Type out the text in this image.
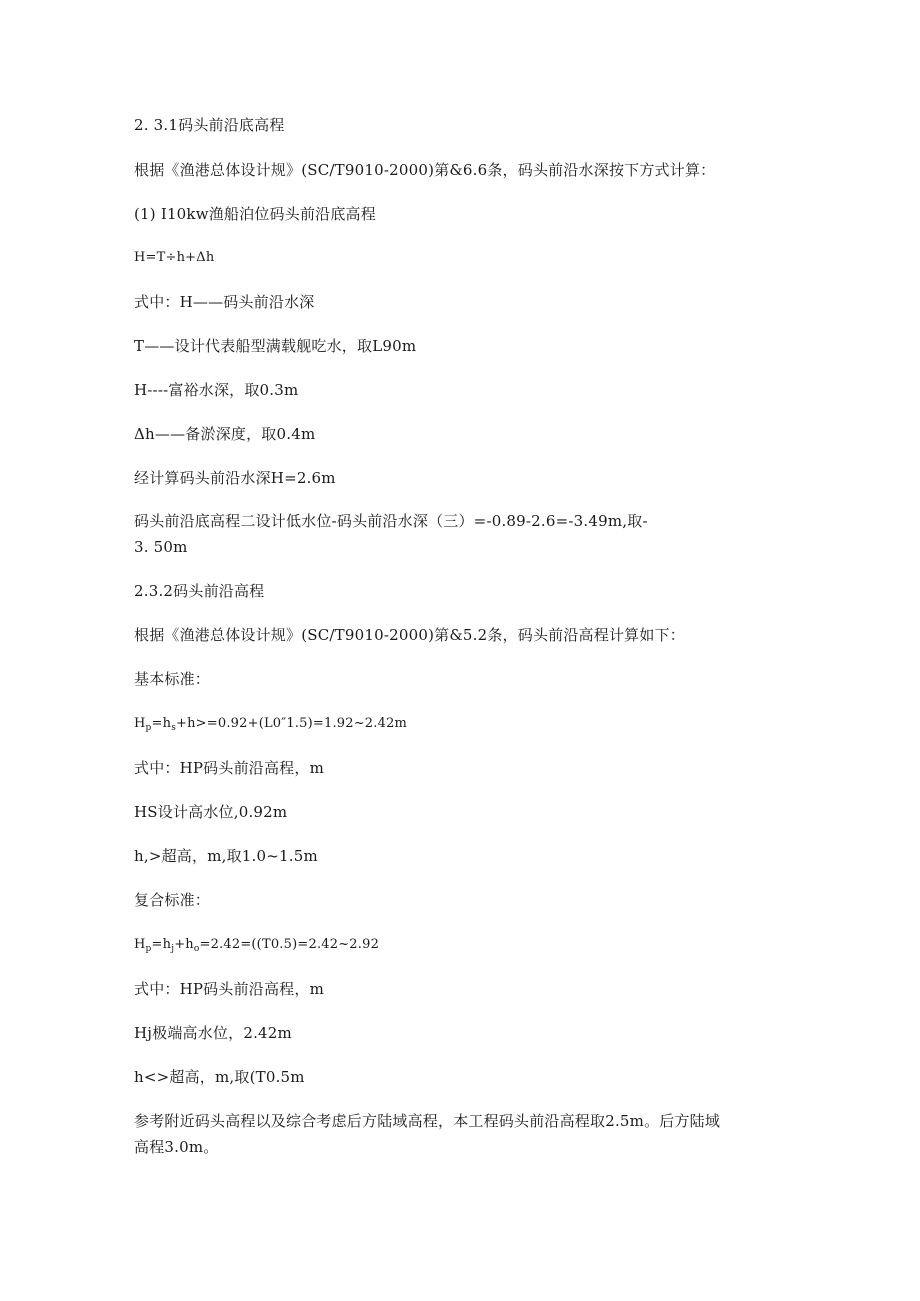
2. 3.1码头前沿底高程

根据《渔港总体设计规》(SC/T9010-2000)第&6.6条，码头前沿水深按下方式计算：

(1) I10kw渔船泊位码头前沿底高程

H=T÷h+Δh

式中：H——码头前沿水深

T——设计代表船型满载舰吃水，取L90m

H----富裕水深，取0.3m

Δh——备淤深度，取0.4m

经计算码头前沿水深H=2.6m

码头前沿底高程二设计低水位-码头前沿水深（三）=-0.89-2.6=-3.49m,取-

3. 50m

2.3.2码头前沿高程

根据《渔港总体设计规》(SC/T9010-2000)第&5.2条，码头前沿高程计算如下：

基本标准：

$H_p=h_s+h>=0.92+(L0''1.5)=1.92\sim 2.42m$

式中：HP码头前沿高程，m

HS设计高水位,0.92m

h,>超高，m,取1.0~1.5m

复合标准：

$H_p=h_j+h_o=2.42=((T0.5)=2.42\sim 2.92$

式中：HP码头前沿高程，m

Hj极端高水位，2.42m

h<>超高，m,取(T0.5m

参考附近码头高程以及综合考虑后方陆域高程，本工程码头前沿高程取2.5m。后方陆域

高程3.0m。
